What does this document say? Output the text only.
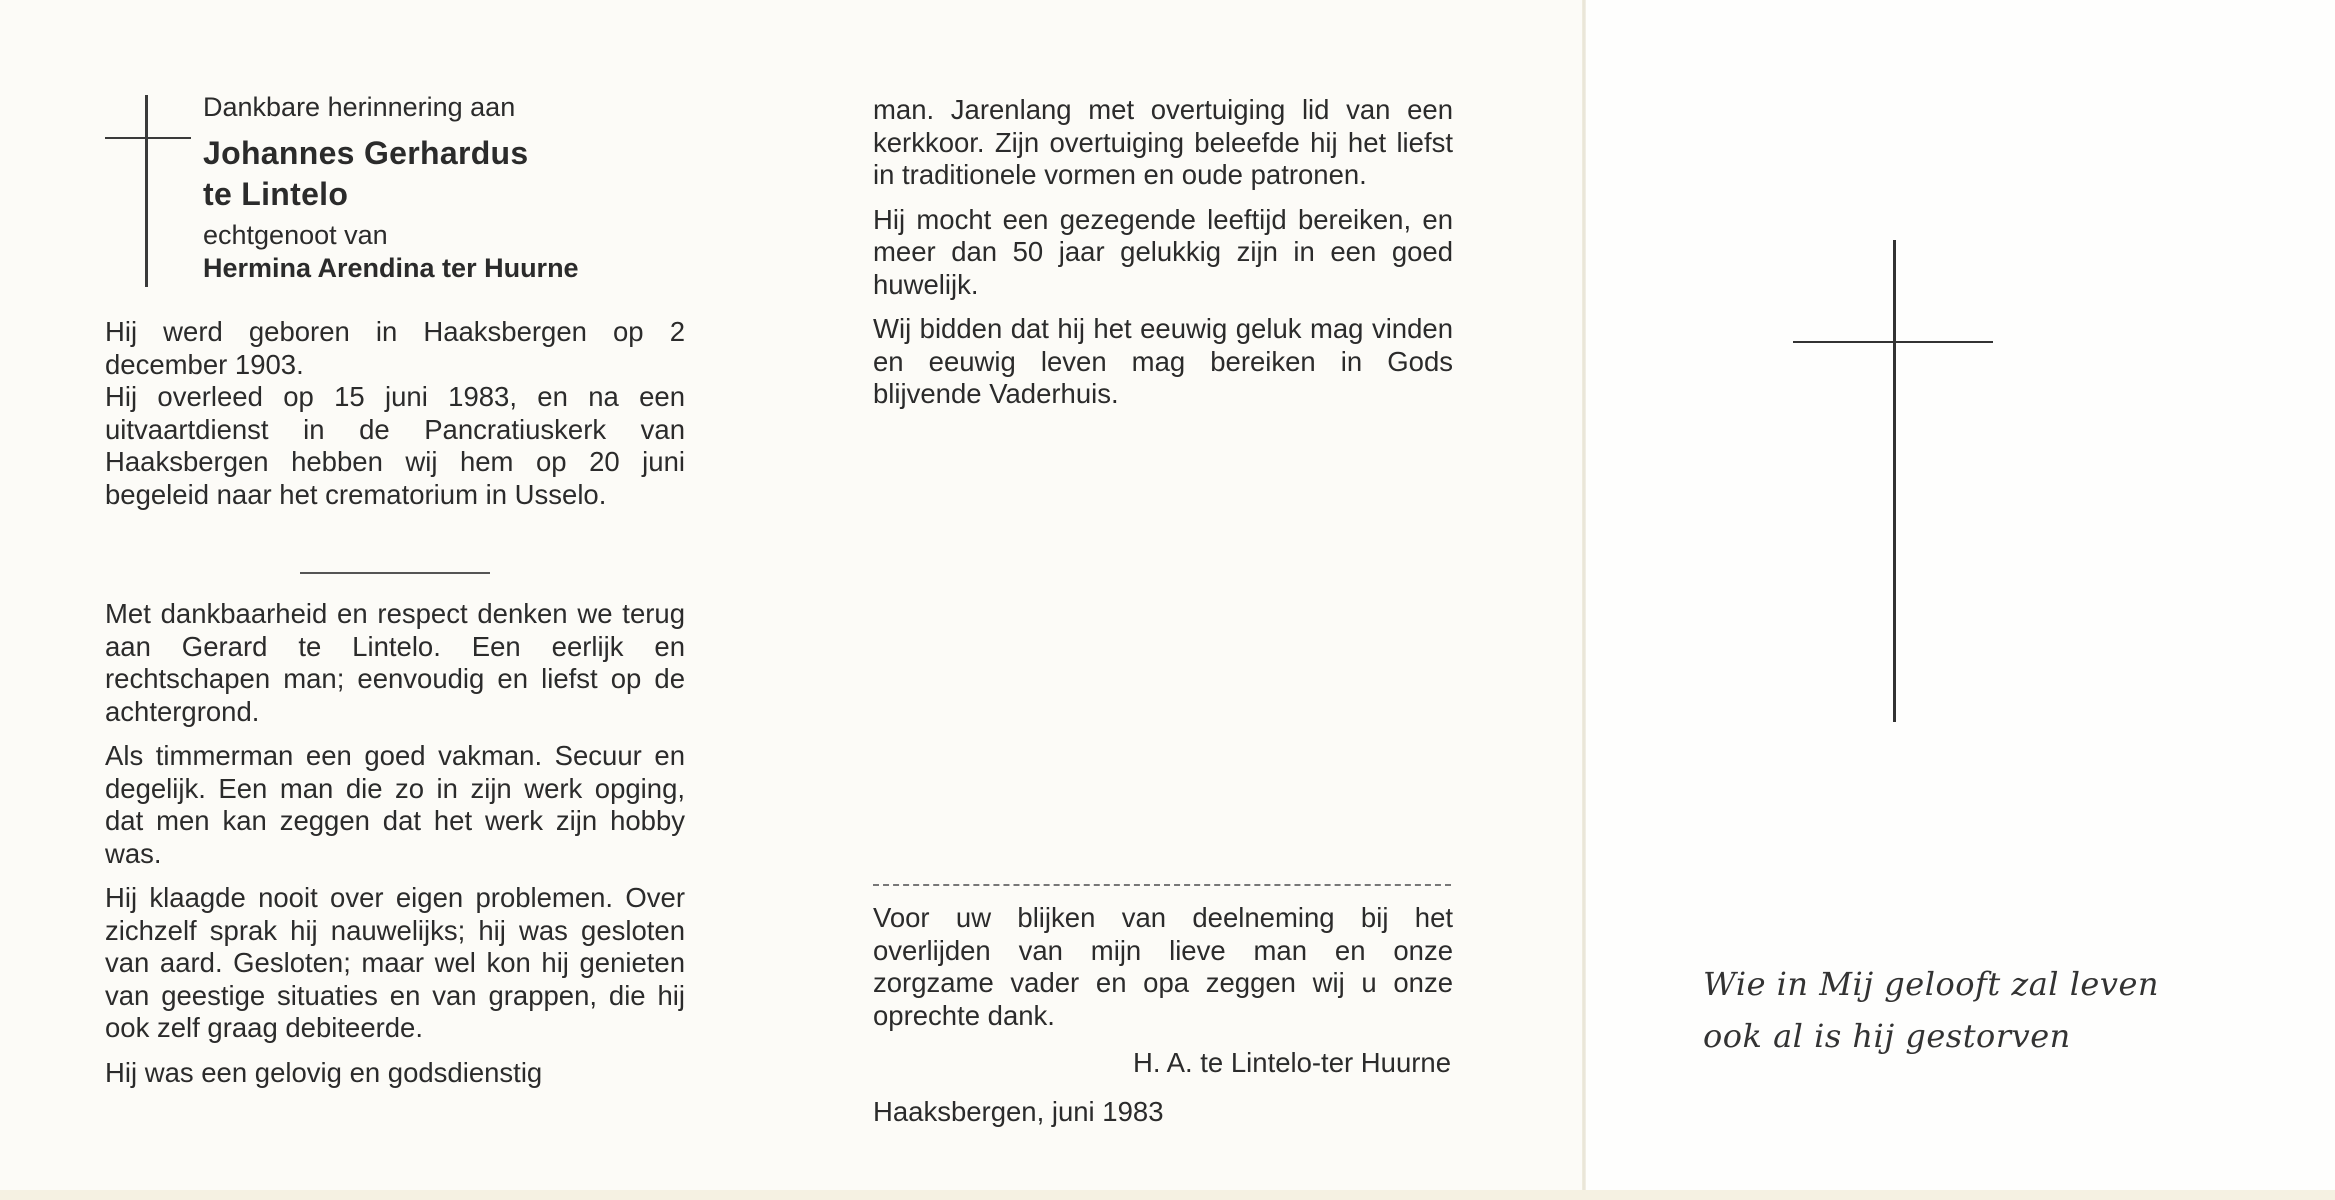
Dankbare herinnering aan
Johannes Gerhardus
te Lintelo
echtgenoot van
Hermina Arendina ter Huurne

Hij werd geboren in Haaksbergen op 2 december 1903.

Hij overleed op 15 juni 1983, en na een uitvaartdienst in de Pancratiuskerk van Haaksbergen hebben wij hem op 20 juni begeleid naar het crematorium in Usselo.

Met dankbaarheid en respect denken we terug aan Gerard te Lintelo. Een eerlijk en rechtschapen man; eenvoudig en liefst op de achtergrond.

Als timmerman een goed vakman. Secuur en degelijk. Een man die zo in zijn werk opging, dat men kan zeggen dat het werk zijn hobby was.

Hij klaagde nooit over eigen problemen. Over zichzelf sprak hij nauwelijks; hij was gesloten van aard. Gesloten; maar wel kon hij genieten van geestige situaties en van grappen, die hij ook zelf graag debiteerde.

Hij was een gelovig en godsdienstig

man. Jarenlang met overtuiging lid van een kerkkoor. Zijn overtuiging beleefde hij het liefst in traditionele vormen en oude patronen.

Hij mocht een gezegende leeftijd bereiken, en meer dan 50 jaar gelukkig zijn in een goed huwelijk.

Wij bidden dat hij het eeuwig geluk mag vinden en eeuwig leven mag bereiken in Gods blijvende Vaderhuis.

Voor uw blijken van deelneming bij het overlijden van mijn lieve man en onze zorgzame vader en opa zeggen wij u onze oprechte dank.
H. A. te Lintelo-ter Huurne
Haaksbergen, juni 1983
Wie in Mij gelooft zal leven
ook al is hij gestorven
